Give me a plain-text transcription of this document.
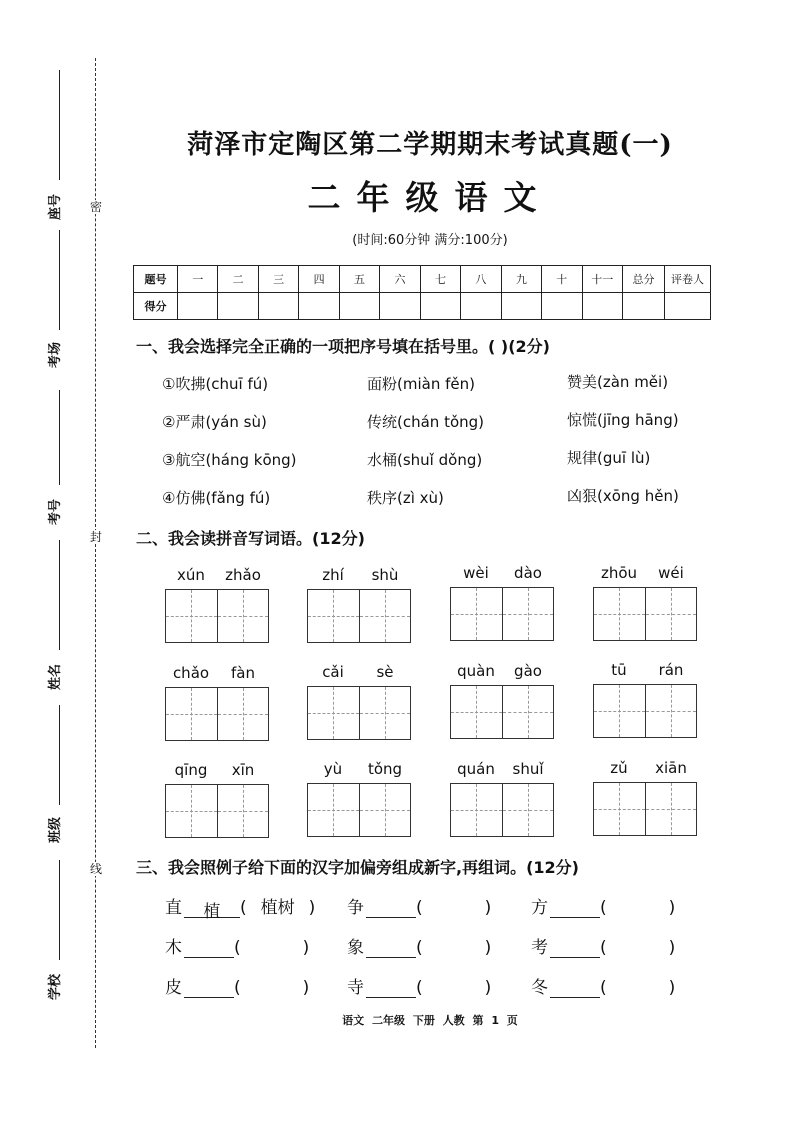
座号
考场
考号
姓名
班级
学校
密
封
线
菏泽市定陶区第二学期期末考试真题(一)
二年级语文
(时间:60分钟 满分:100分)
题号	一	二	三	四	五	六	七	八	九	十	十一	总分	评卷人
得分													
一、我会选择完全正确的一项把序号填在括号里。( )(2分)
①吹拂(chuī fú)	面粉(miàn fěn)	赞美(zàn měi)
②严肃(yán sù)	传统(chán tǒng)	惊慌(jīng hāng)
③航空(háng kōng)	水桶(shuǐ dǒng)	规律(guī lù)
④仿佛(fǎng fú)	秩序(zì xù)	凶狠(xōng hěn)
二、我会读拼音写词语。(12分)
xún	zhǎo	zhí	shù	wèi	dào	zhōu	wéi
chǎo	fàn	cǎi	sè	quàn	gào	tū	rán
qīng	xīn	yù	tǒng	quán	shuǐ	zǔ	xiān
三、我会照例子给下面的汉字加偏旁组成新字,再组词。(12分)
直 植 ( 植树 ) 争	(	) 方	(	)
木	(	) 象	(	) 考	(	)
皮	(	) 寺	(	) 冬	(	)
语文 二年级 下册 人教 第 1 页
